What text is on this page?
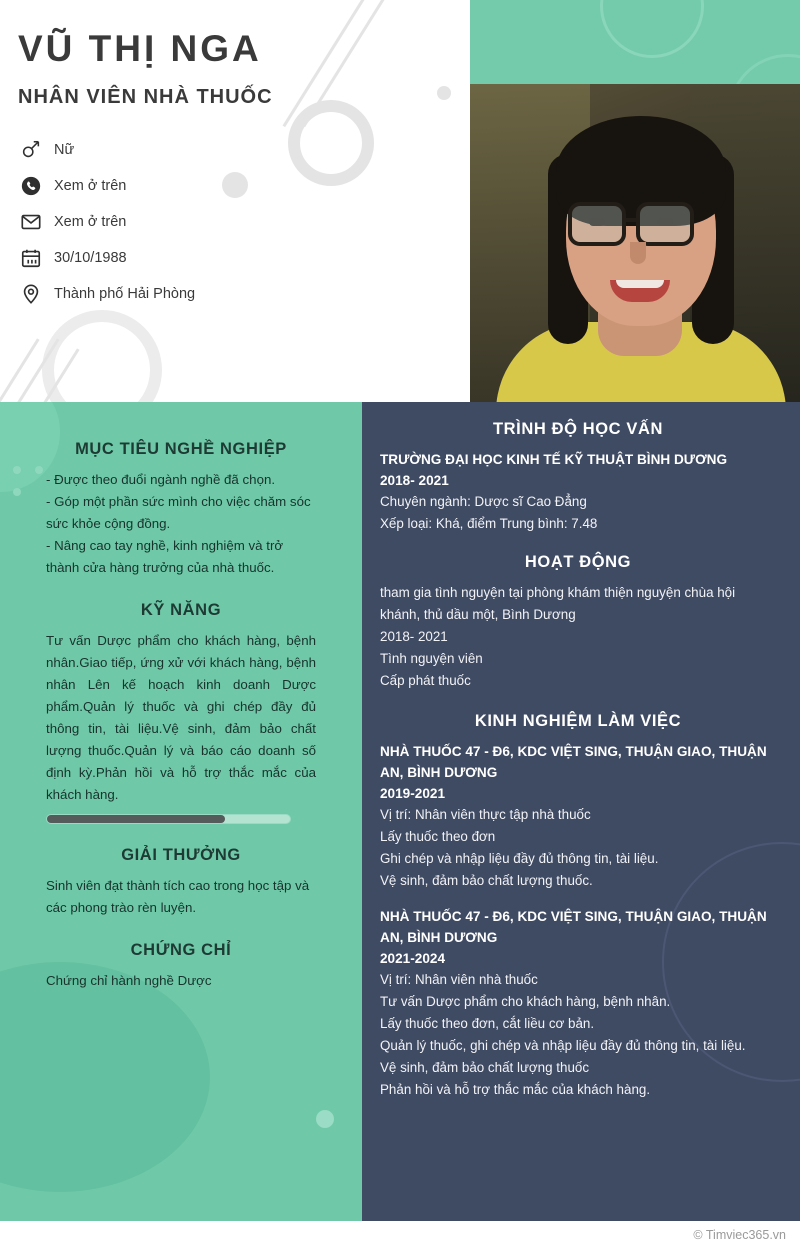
VŨ THỊ NGA
NHÂN VIÊN NHÀ THUỐC
Nữ
Xem ở trên
Xem ở trên
30/10/1988
Thành phố Hải Phòng
MỤC TIÊU NGHỀ NGHIỆP
- Được theo đuổi ngành nghề đã chọn.
- Góp một phần sức mình cho việc chăm sóc sức khỏe cộng đồng.
- Nâng cao tay nghề, kinh nghiệm và trở thành cửa hàng trưởng của nhà thuốc.
KỸ NĂNG
Tư vấn Dược phẩm cho khách hàng, bệnh nhân.Giao tiếp, ứng xử với khách hàng, bệnh nhân Lên kế hoạch kinh doanh Dược phẩm.Quản lý thuốc và ghi chép đầy đủ thông tin, tài liệu.Vệ sinh, đảm bảo chất lượng thuốc.Quản lý và báo cáo doanh số định kỳ.Phản hồi và hỗ trợ thắc mắc của khách hàng.
GIẢI THƯỞNG
Sinh viên đạt thành tích cao trong học tập và các phong trào rèn luyện.
CHỨNG CHỈ
Chứng chỉ hành nghề Dược
TRÌNH ĐỘ HỌC VẤN
TRƯỜNG ĐẠI HỌC KINH TẾ KỸ THUẬT BÌNH DƯƠNG
2018- 2021
Chuyên ngành: Dược sĩ Cao Đẳng
Xếp loại: Khá, điểm Trung bình: 7.48
HOẠT ĐỘNG
tham gia tình nguyện tại phòng khám thiện nguyện chùa hội khánh, thủ dầu một, Bình Dương
2018- 2021
Tình nguyện viên
Cấp phát thuốc
KINH NGHIỆM LÀM VIỆC
NHÀ THUỐC 47 - Đ6, KDC VIỆT SING, THUẬN GIAO, THUẬN AN, BÌNH DƯƠNG
2019-2021
Vị trí: Nhân viên thực tập nhà thuốc
Lấy thuốc theo đơn
Ghi chép và nhập liệu đầy đủ thông tin, tài liệu.
Vệ sinh, đảm bảo chất lượng thuốc.
NHÀ THUỐC 47 - Đ6, KDC VIỆT SING, THUẬN GIAO, THUẬN AN, BÌNH DƯƠNG
2021-2024
Vị trí: Nhân viên nhà thuốc
Tư vấn Dược phẩm cho khách hàng, bệnh nhân.
Lấy thuốc theo đơn, cắt liều cơ bản.
Quản lý thuốc, ghi chép và nhập liệu đầy đủ thông tin, tài liệu.
Vệ sinh, đảm bảo chất lượng thuốc
Phản hồi và hỗ trợ thắc mắc của khách hàng.
© Timviec365.vn
